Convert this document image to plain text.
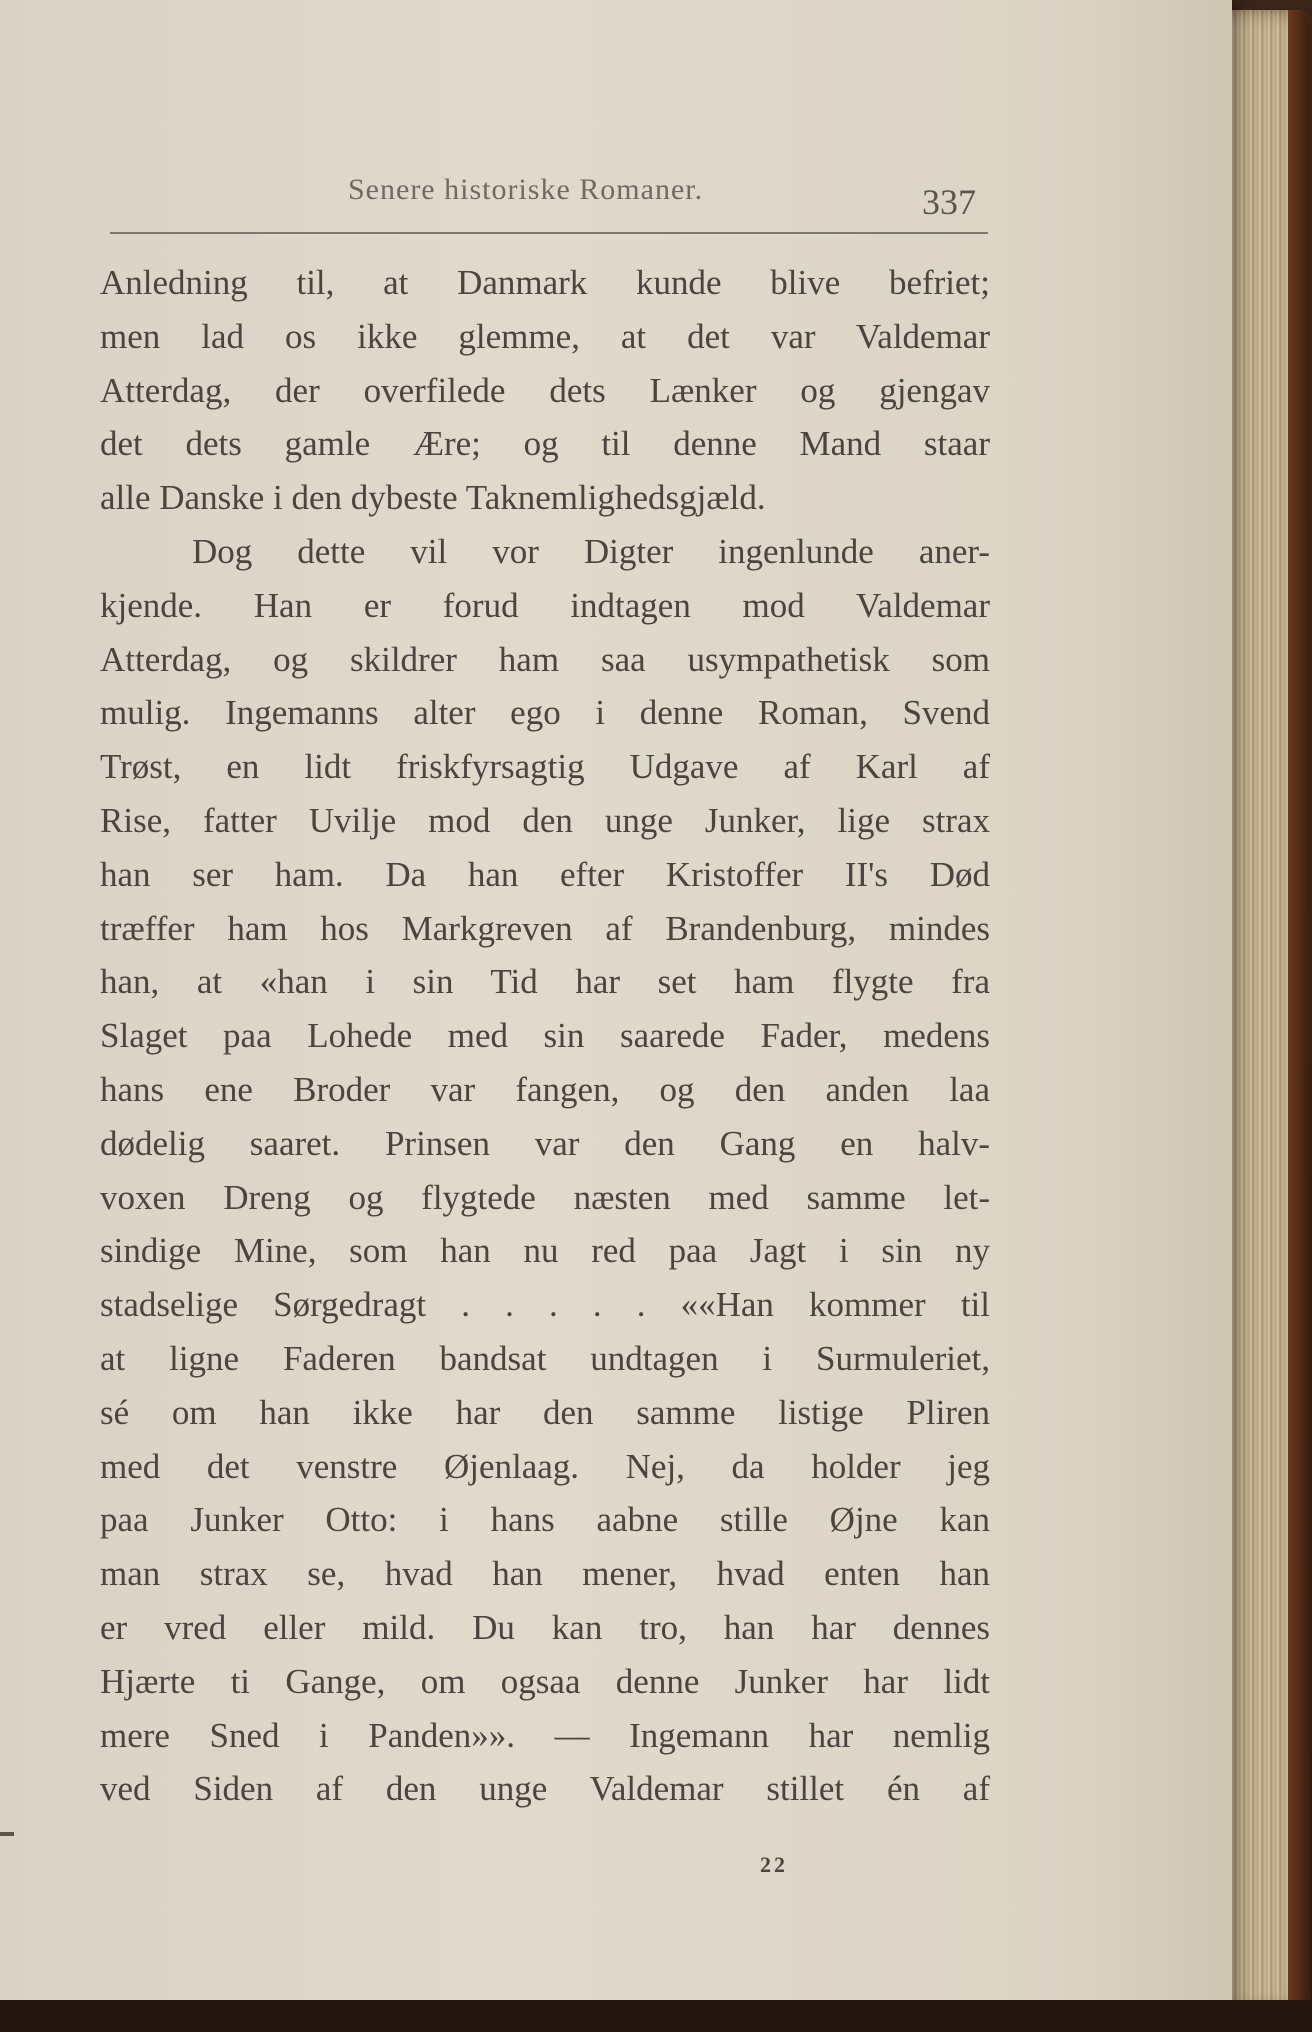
Senere historiske Romaner.	337
Anledning til, at Danmark kunde blive befriet;
men lad os ikke glemme, at det var Valdemar
Atterdag, der overfilede dets Lænker og gjengav
det dets gamle Ære; og til denne Mand staar
alle Danske i den dybeste Taknemlighedsgjæld.
Dog dette vil vor Digter ingenlunde aner-
kjende. Han er forud indtagen mod Valdemar
Atterdag, og skildrer ham saa usympathetisk som
mulig. Ingemanns alter ego i denne Roman, Svend
Trøst, en lidt friskfyrsagtig Udgave af Karl af
Rise, fatter Uvilje mod den unge Junker, lige strax
han ser ham. Da han efter Kristoffer II's Død
træffer ham hos Markgreven af Brandenburg, mindes
han, at «han i sin Tid har set ham flygte fra
Slaget paa Lohede med sin saarede Fader, medens
hans ene Broder var fangen, og den anden laa
dødelig saaret. Prinsen var den Gang en halv-
voxen Dreng og flygtede næsten med samme let-
sindige Mine, som han nu red paa Jagt i sin ny
stadselige Sørgedragt . . . . . ««Han kommer til
at ligne Faderen bandsat undtagen i Surmuleriet,
sé om han ikke har den samme listige Pliren
med det venstre Øjenlaag. Nej, da holder jeg
paa Junker Otto: i hans aabne stille Øjne kan
man strax se, hvad han mener, hvad enten han
er vred eller mild. Du kan tro, han har dennes
Hjærte ti Gange, om ogsaa denne Junker har lidt
mere Sned i Panden»». — Ingemann har nemlig
ved Siden af den unge Valdemar stillet én af
22
